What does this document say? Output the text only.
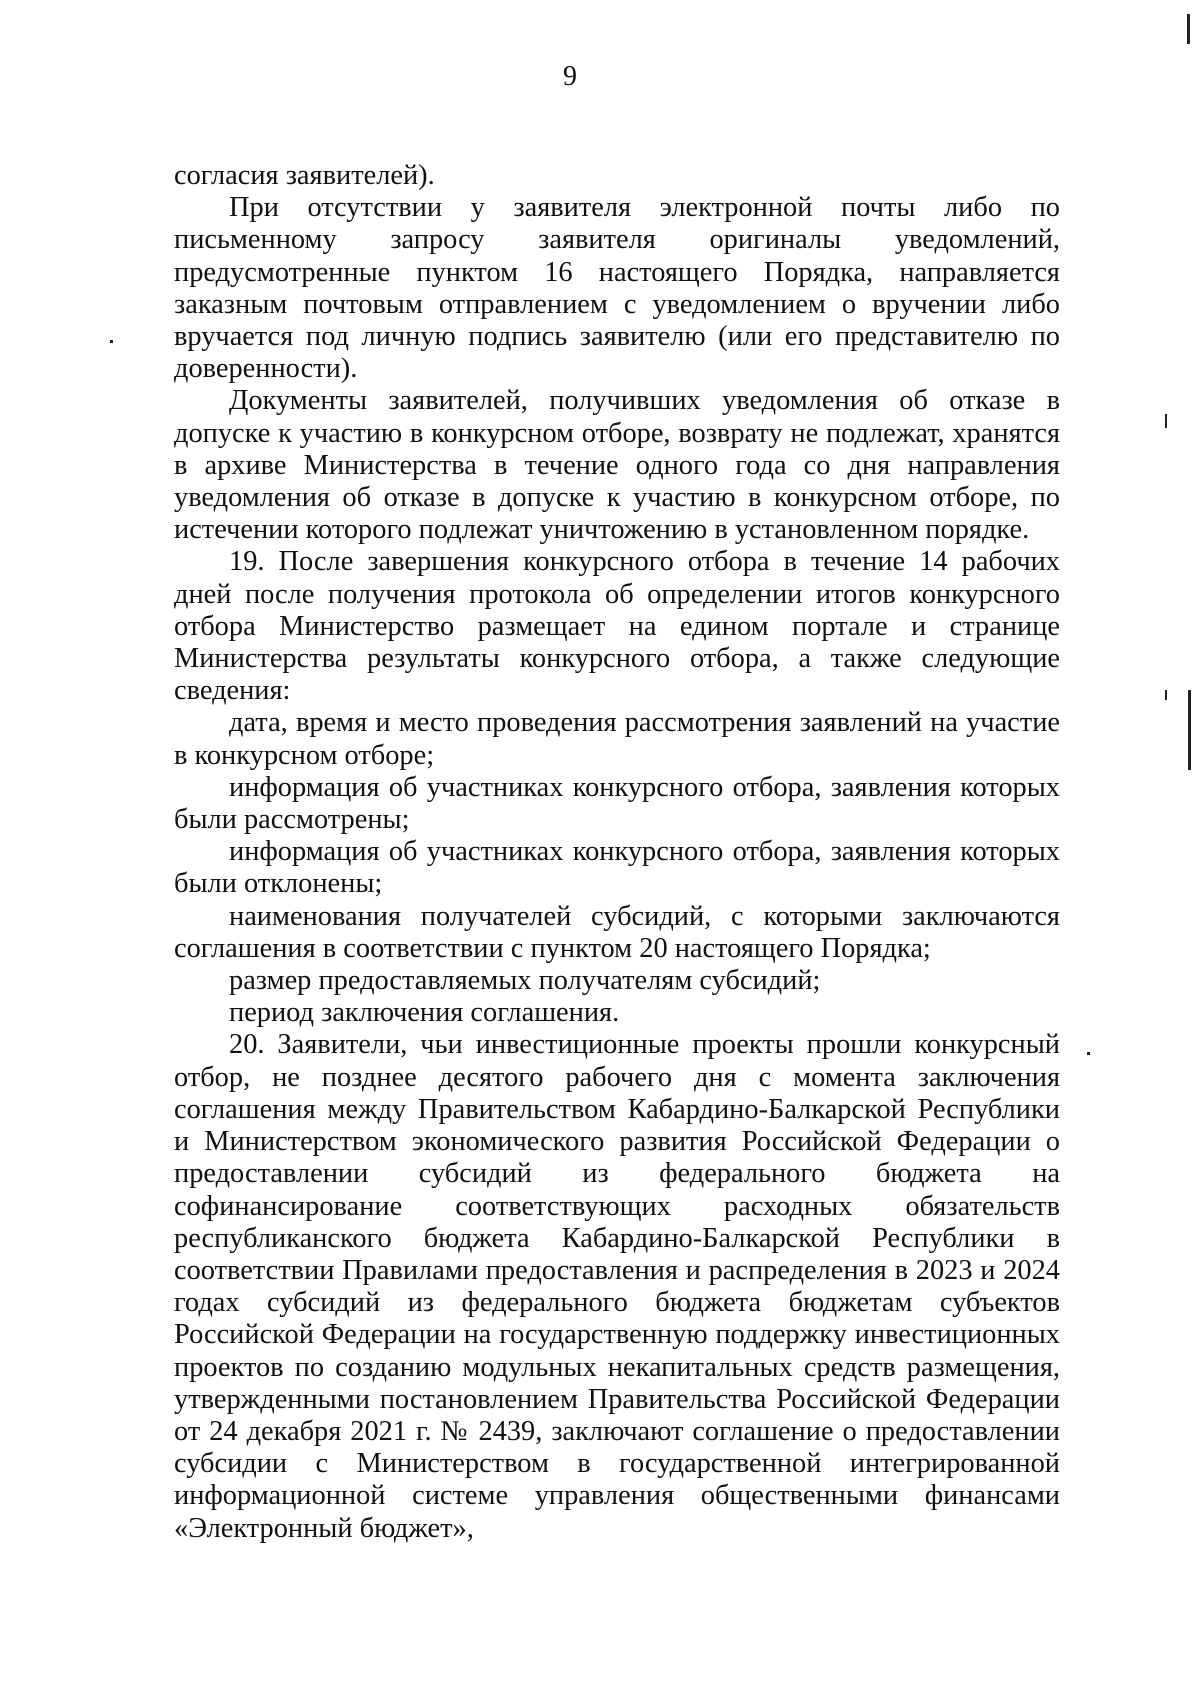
9

согласия заявителей).

При отсутствии у заявителя электронной почты либо по письменному запросу заявителя оригиналы уведомлений, предусмотренные пунктом 16 настоящего Порядка, направляется заказным почтовым отправлением с уведомлением о вручении либо вручается под личную подпись заявителю (или его представителю по доверенности).

Документы заявителей, получивших уведомления об отказе в допуске к участию в конкурсном отборе, возврату не подлежат, хранятся в архиве Министерства в течение одного года со дня направления уведомления об отказе в допуске к участию в конкурсном отборе, по истечении которого подлежат уничтожению в установленном порядке.

19. После завершения конкурсного отбора в течение 14 рабочих дней после получения протокола об определении итогов конкурсного отбора Министерство размещает на едином портале и странице Министерства результаты конкурсного отбора, а также следующие сведения:

дата, время и место проведения рассмотрения заявлений на участие в конкурсном отборе;

информация об участниках конкурсного отбора, заявления которых были рассмотрены;

информация об участниках конкурсного отбора, заявления которых были отклонены;

наименования получателей субсидий, с которыми заключаются соглашения в соответствии с пунктом 20 настоящего Порядка;

размер предоставляемых получателям субсидий;

период заключения соглашения.

20. Заявители, чьи инвестиционные проекты прошли конкурсный отбор, не позднее десятого рабочего дня с момента заключения соглашения между Правительством Кабардино-Балкарской Республики и Министерством экономического развития Российской Федерации о предоставлении субсидий из федерального бюджета на софинансирование соответствующих расходных обязательств республиканского бюджета Кабардино-Балкарской Республики в соответствии Правилами предоставления и распределения в 2023 и 2024 годах субсидий из федерального бюджета бюджетам субъектов Российской Федерации на государственную поддержку инвестиционных проектов по созданию модульных некапитальных средств размещения, утвержденными постановлением Правительства Российской Федерации от 24 декабря 2021 г. № 2439, заключают соглашение о предоставлении субсидии с Министерством в государственной интегрированной информационной системе управления общественными финансами «Электронный бюджет»,
